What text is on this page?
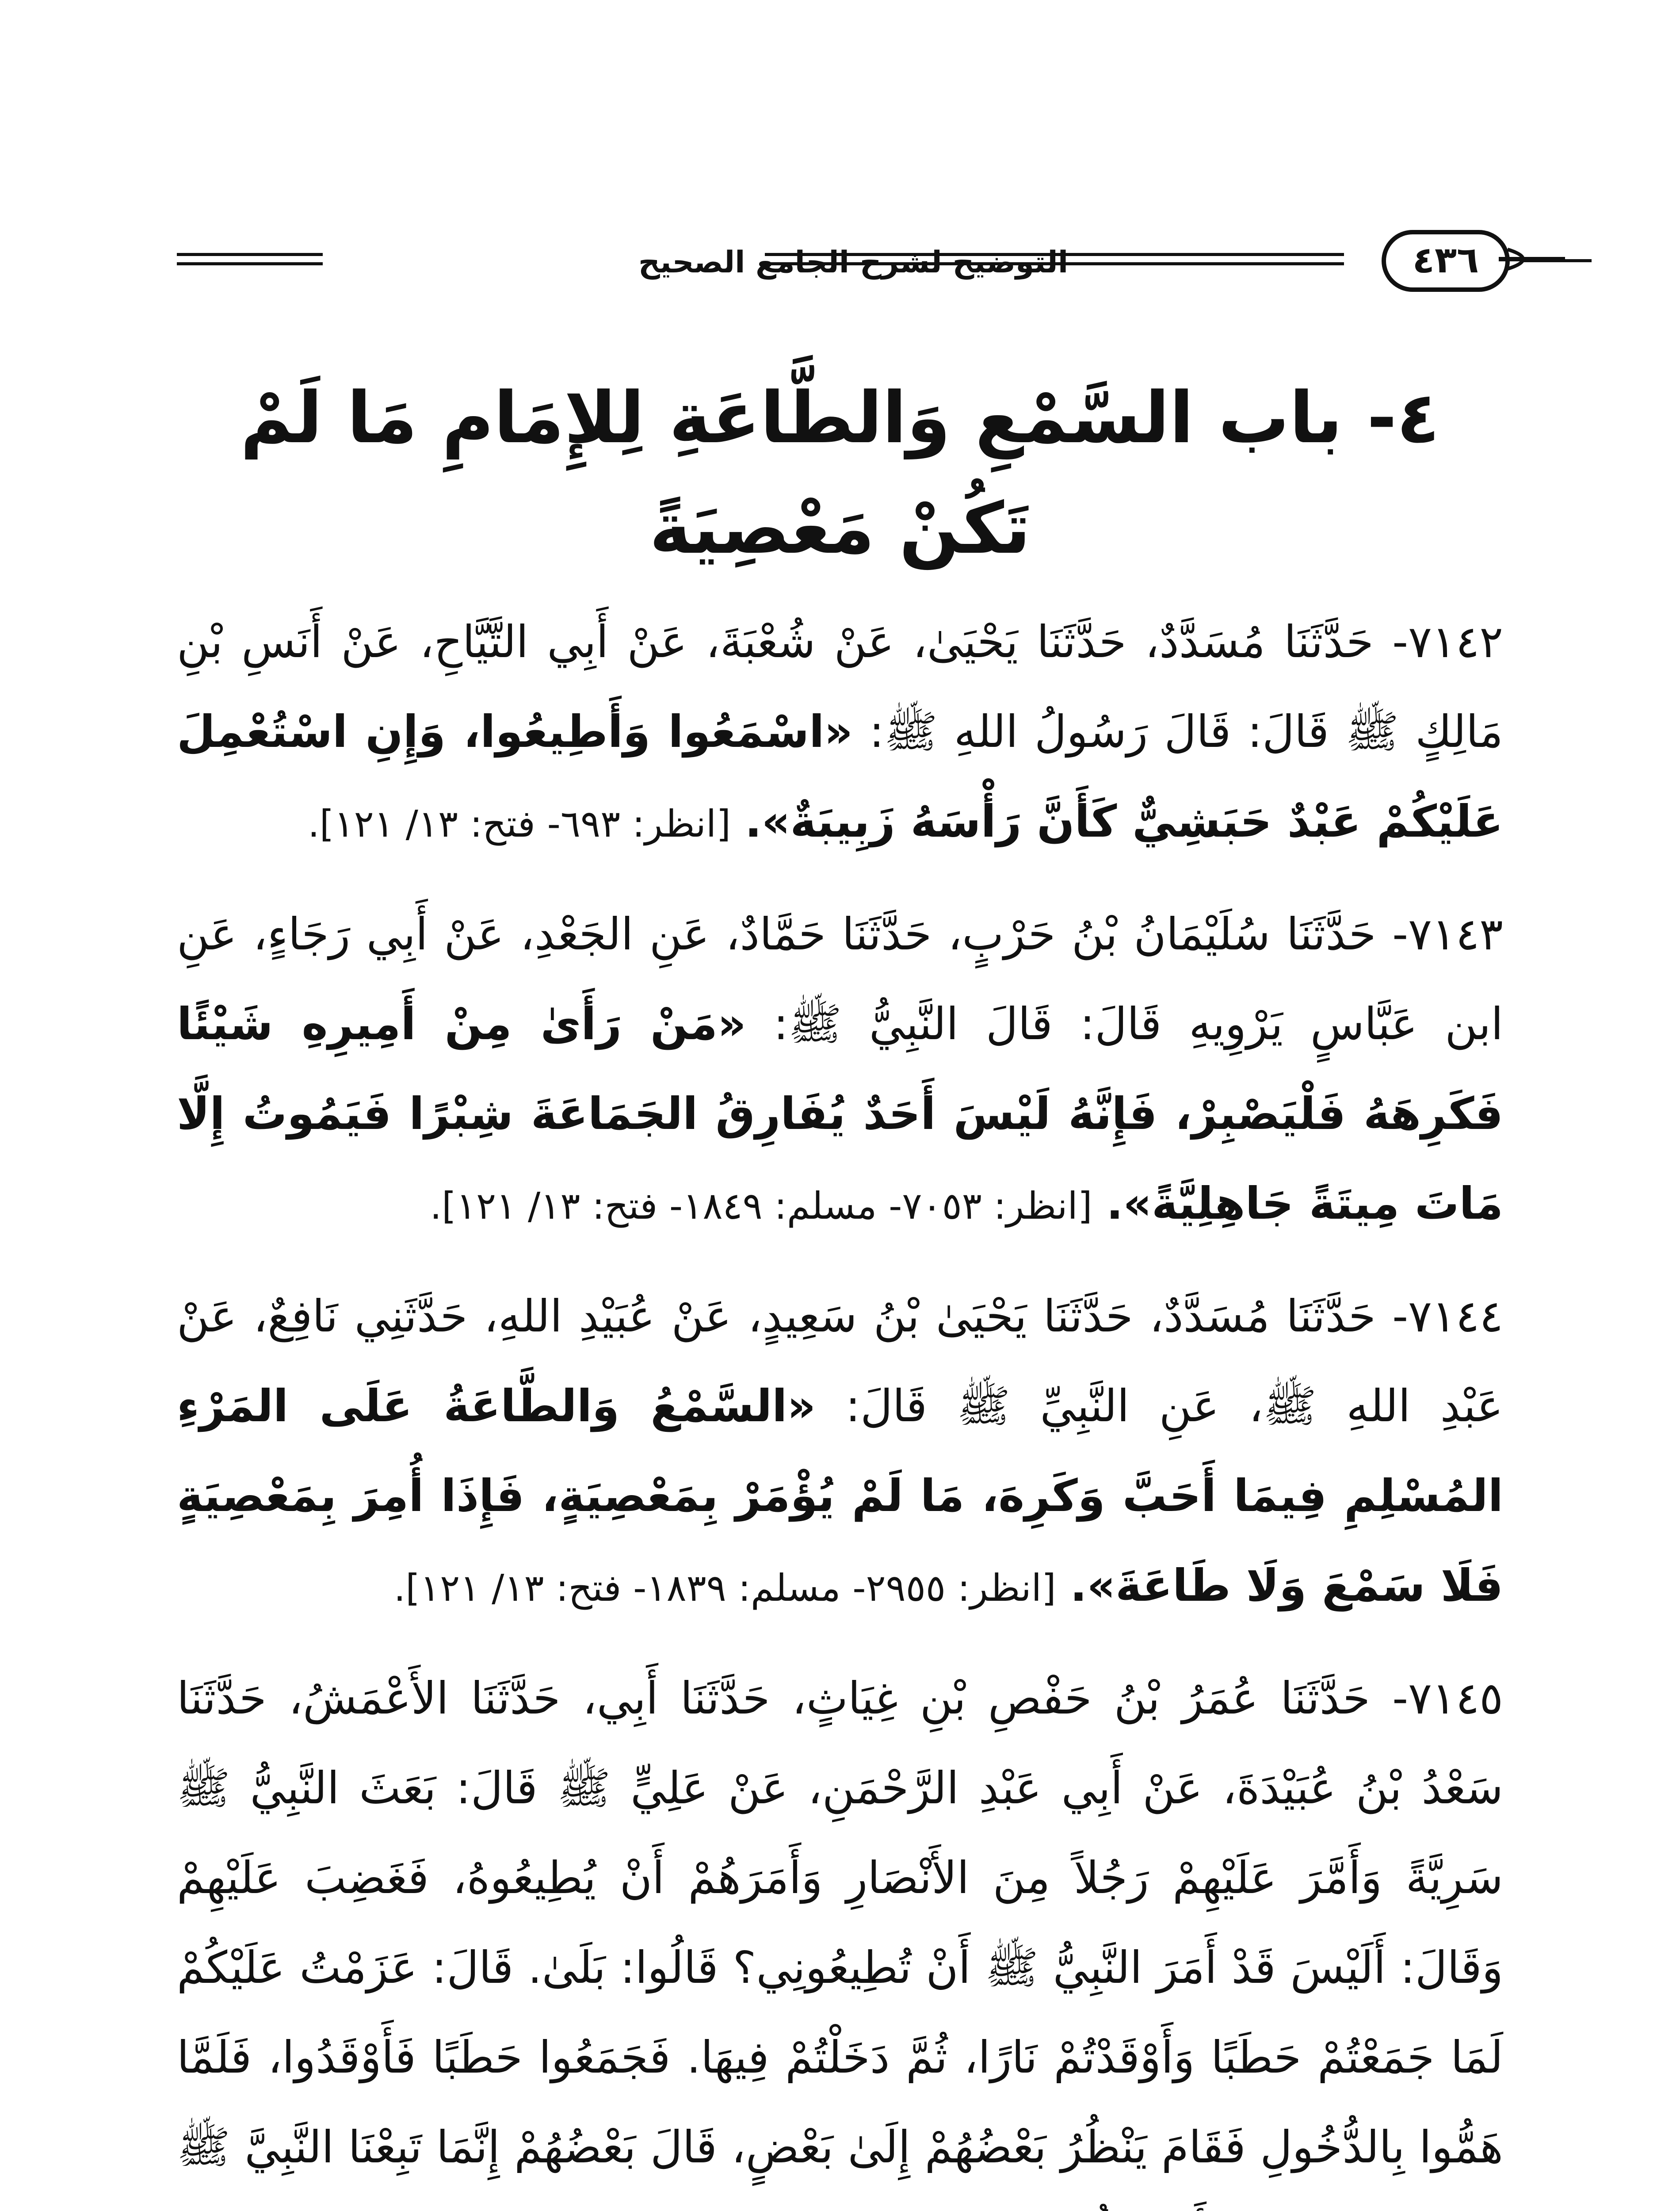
التوضيح لشرح الجامع الصحيح	٤٣٦
٤- باب السَّمْعِ وَالطَّاعَةِ لِلإِمَامِ مَا لَمْ
تَكُنْ مَعْصِيَةً

٧١٤٢- حَدَّثَنَا مُسَدَّدٌ، حَدَّثَنَا يَحْيَىٰ، عَنْ شُعْبَةَ، عَنْ أَبِي التَّيَّاحِ، عَنْ أَنَسِ بْنِ مَالِكٍ ﷺ قَالَ: قَالَ رَسُولُ اللهِ ﷺ: «اسْمَعُوا وَأَطِيعُوا، وَإِنِ اسْتُعْمِلَ عَلَيْكُمْ عَبْدٌ حَبَشِيٌّ كَأَنَّ رَأْسَهُ زَبِيبَةٌ». [انظر: ٦٩٣- فتح: ١٣/ ١٢١].

٧١٤٣- حَدَّثَنَا سُلَيْمَانُ بْنُ حَرْبٍ، حَدَّثَنَا حَمَّادٌ، عَنِ الجَعْدِ، عَنْ أَبِي رَجَاءٍ، عَنِ ابن عَبَّاسٍ يَرْوِيهِ قَالَ: قَالَ النَّبِيُّ ﷺ: «مَنْ رَأَىٰ مِنْ أَمِيرِهِ شَيْئًا فَكَرِهَهُ فَلْيَصْبِرْ، فَإِنَّهُ لَيْسَ أَحَدٌ يُفَارِقُ الجَمَاعَةَ شِبْرًا فَيَمُوتُ إِلَّا مَاتَ مِيتَةً جَاهِلِيَّةً». [انظر: ٧٠٥٣- مسلم: ١٨٤٩- فتح: ١٣/ ١٢١].

٧١٤٤- حَدَّثَنَا مُسَدَّدٌ، حَدَّثَنَا يَحْيَىٰ بْنُ سَعِيدٍ، عَنْ عُبَيْدِ اللهِ، حَدَّثَنِي نَافِعٌ، عَنْ عَبْدِ اللهِ ﷺ، عَنِ النَّبِيِّ ﷺ قَالَ: «السَّمْعُ وَالطَّاعَةُ عَلَى المَرْءِ المُسْلِمِ فِيمَا أَحَبَّ وَكَرِهَ، مَا لَمْ يُؤْمَرْ بِمَعْصِيَةٍ، فَإِذَا أُمِرَ بِمَعْصِيَةٍ فَلَا سَمْعَ وَلَا طَاعَةَ». [انظر: ٢٩٥٥- مسلم: ١٨٣٩- فتح: ١٣/ ١٢١].

٧١٤٥- حَدَّثَنَا عُمَرُ بْنُ حَفْصِ بْنِ غِيَاثٍ، حَدَّثَنَا أَبِي، حَدَّثَنَا الأَعْمَشُ، حَدَّثَنَا سَعْدُ بْنُ عُبَيْدَةَ، عَنْ أَبِي عَبْدِ الرَّحْمَنِ، عَنْ عَلِيٍّ ﷺ قَالَ: بَعَثَ النَّبِيُّ ﷺ سَرِيَّةً وَأَمَّرَ عَلَيْهِمْ رَجُلاً مِنَ الأَنْصَارِ وَأَمَرَهُمْ أَنْ يُطِيعُوهُ، فَغَضِبَ عَلَيْهِمْ وَقَالَ: أَلَيْسَ قَدْ أَمَرَ النَّبِيُّ ﷺ أَنْ تُطِيعُونِي؟ قَالُوا: بَلَىٰ. قَالَ: عَزَمْتُ عَلَيْكُمْ لَمَا جَمَعْتُمْ حَطَبًا وَأَوْقَدْتُمْ نَارًا، ثُمَّ دَخَلْتُمْ فِيهَا. فَجَمَعُوا حَطَبًا فَأَوْقَدُوا، فَلَمَّا هَمُّوا بِالدُّخُولِ فَقَامَ يَنْظُرُ بَعْضُهُمْ إِلَىٰ بَعْضٍ، قَالَ بَعْضُهُمْ إِنَّمَا تَبِعْنَا النَّبِيَّ ﷺ
